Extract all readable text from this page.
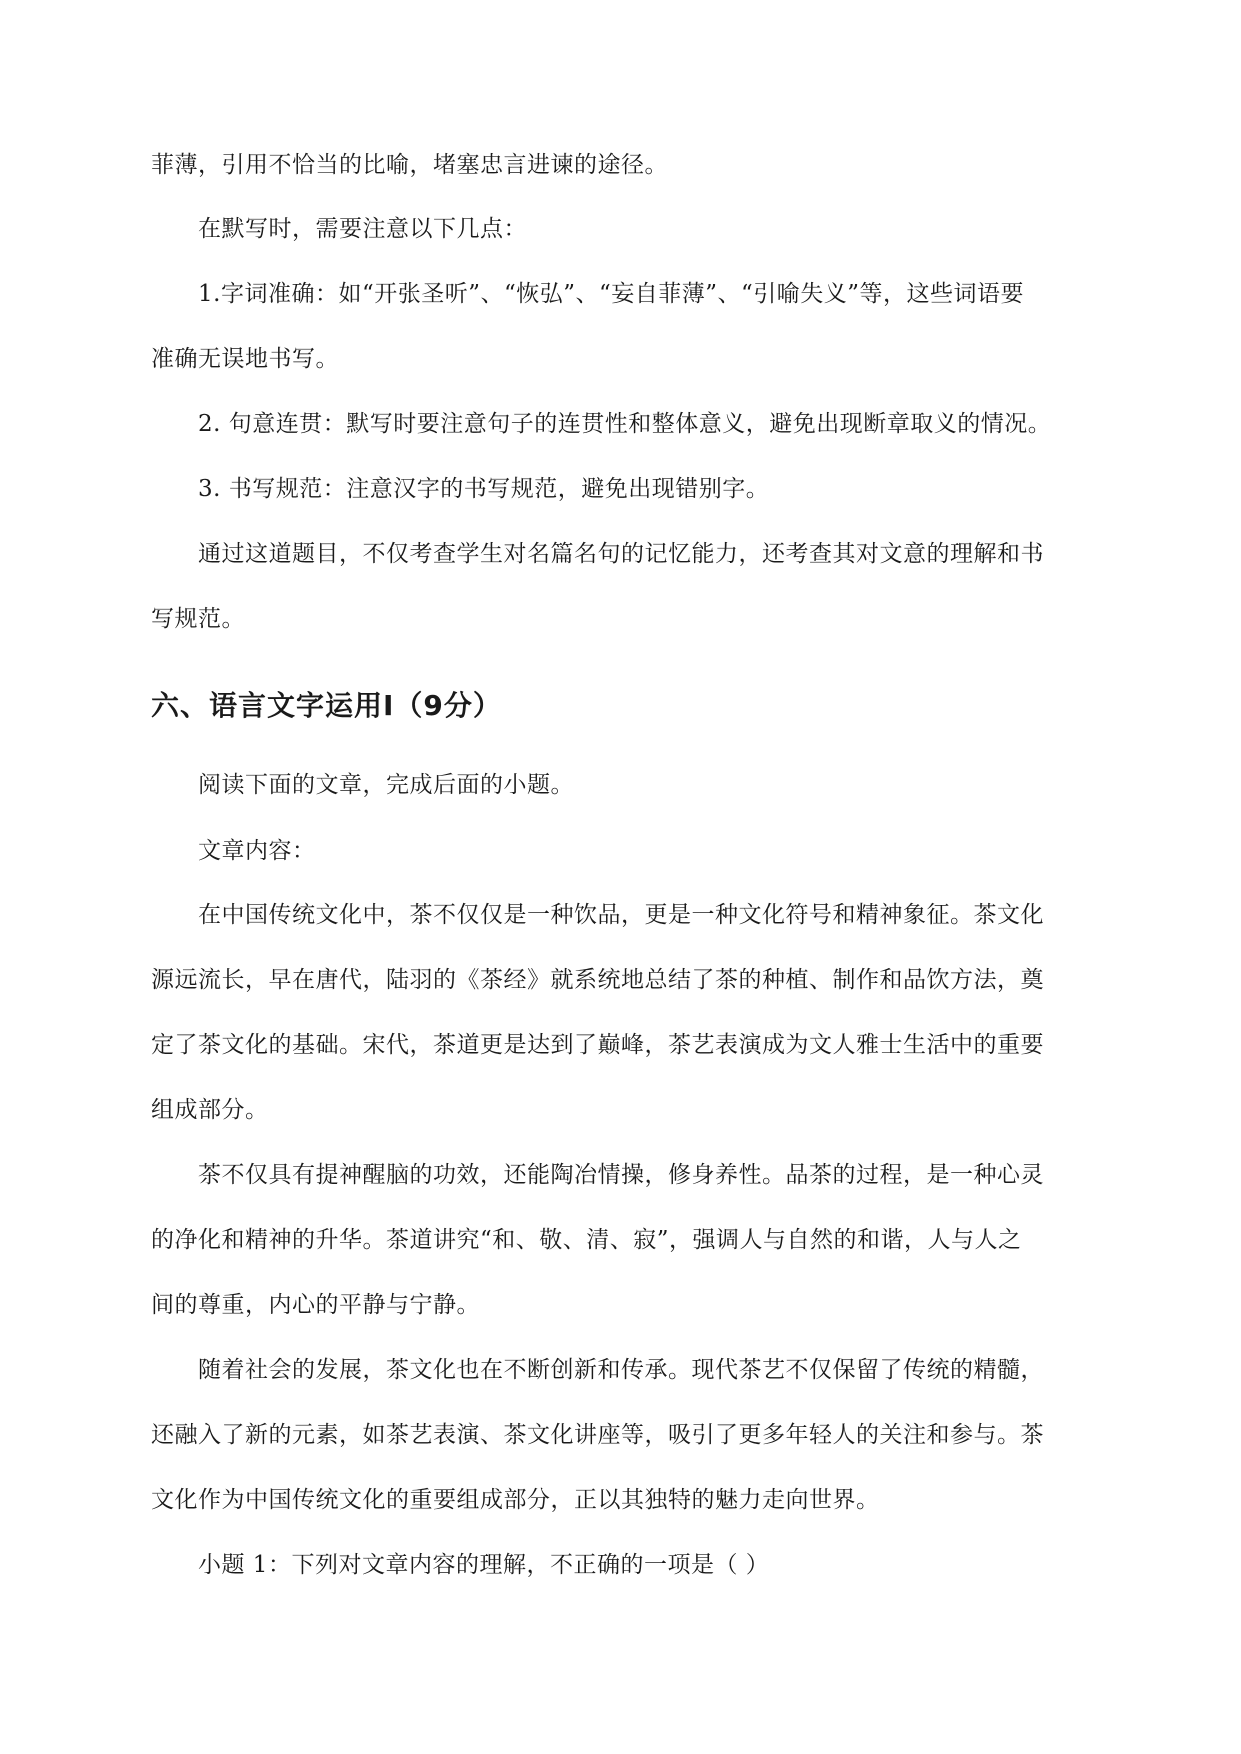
菲薄，引用不恰当的比喻，堵塞忠言进谏的途径。
在默写时，需要注意以下几点：
1.字词准确：如“开张圣听”、“恢弘”、“妄自菲薄”、“引喻失义”等，这些词语要
准确无误地书写。
2. 句意连贯：默写时要注意句子的连贯性和整体意义，避免出现断章取义的情况。
3. 书写规范：注意汉字的书写规范，避免出现错别字。
通过这道题目，不仅考查学生对名篇名句的记忆能力，还考查其对文意的理解和书
写规范。
六、语言文字运用Ⅰ（9分）
阅读下面的文章，完成后面的小题。
文章内容：
在中国传统文化中，茶不仅仅是一种饮品，更是一种文化符号和精神象征。茶文化
源远流长，早在唐代，陆羽的《茶经》就系统地总结了茶的种植、制作和品饮方法，奠
定了茶文化的基础。宋代，茶道更是达到了巅峰，茶艺表演成为文人雅士生活中的重要
组成部分。
茶不仅具有提神醒脑的功效，还能陶冶情操，修身养性。品茶的过程，是一种心灵
的净化和精神的升华。茶道讲究“和、敬、清、寂”，强调人与自然的和谐，人与人之
间的尊重，内心的平静与宁静。
随着社会的发展，茶文化也在不断创新和传承。现代茶艺不仅保留了传统的精髓，
还融入了新的元素，如茶艺表演、茶文化讲座等，吸引了更多年轻人的关注和参与。茶
文化作为中国传统文化的重要组成部分，正以其独特的魅力走向世界。
小题 1：下列对文章内容的理解，不正确的一项是（ ）
